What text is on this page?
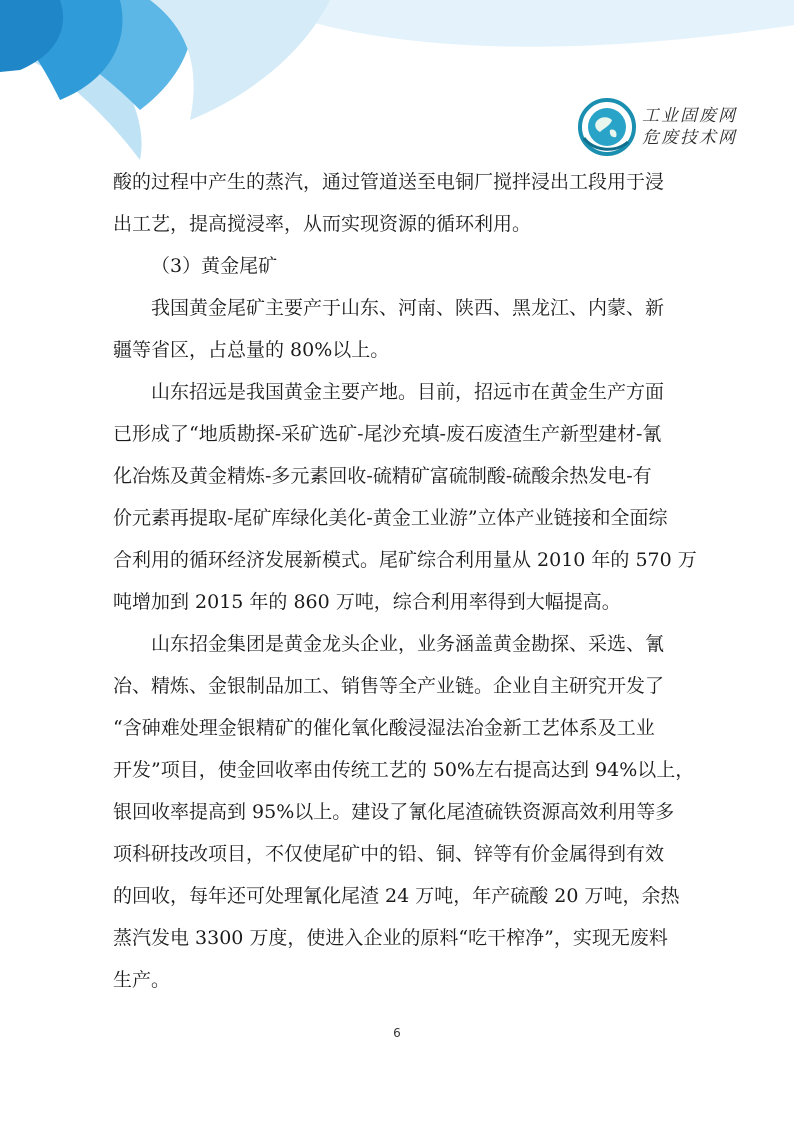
工业固废网
危废技术网
酸的过程中产生的蒸汽，通过管道送至电铜厂搅拌浸出工段用于浸
出工艺，提高搅浸率，从而实现资源的循环利用。
（3）黄金尾矿
我国黄金尾矿主要产于山东、河南、陕西、黑龙江、内蒙、新
疆等省区，占总量的 80%以上。
山东招远是我国黄金主要产地。目前，招远市在黄金生产方面
已形成了“地质勘探-采矿选矿-尾沙充填-废石废渣生产新型建材-氰
化冶炼及黄金精炼-多元素回收-硫精矿富硫制酸-硫酸余热发电-有
价元素再提取-尾矿库绿化美化-黄金工业游”立体产业链接和全面综
合利用的循环经济发展新模式。尾矿综合利用量从 2010 年的 570 万
吨增加到 2015 年的 860 万吨，综合利用率得到大幅提高。
山东招金集团是黄金龙头企业，业务涵盖黄金勘探、采选、氰
冶、精炼、金银制品加工、销售等全产业链。企业自主研究开发了
“含砷难处理金银精矿的催化氧化酸浸湿法冶金新工艺体系及工业
开发”项目，使金回收率由传统工艺的 50%左右提高达到 94%以上，
银回收率提高到 95%以上。建设了氰化尾渣硫铁资源高效利用等多
项科研技改项目，不仅使尾矿中的铅、铜、锌等有价金属得到有效
的回收，每年还可处理氰化尾渣 24 万吨，年产硫酸 20 万吨，余热
蒸汽发电 3300 万度，使进入企业的原料“吃干榨净”，实现无废料
生产。
6
